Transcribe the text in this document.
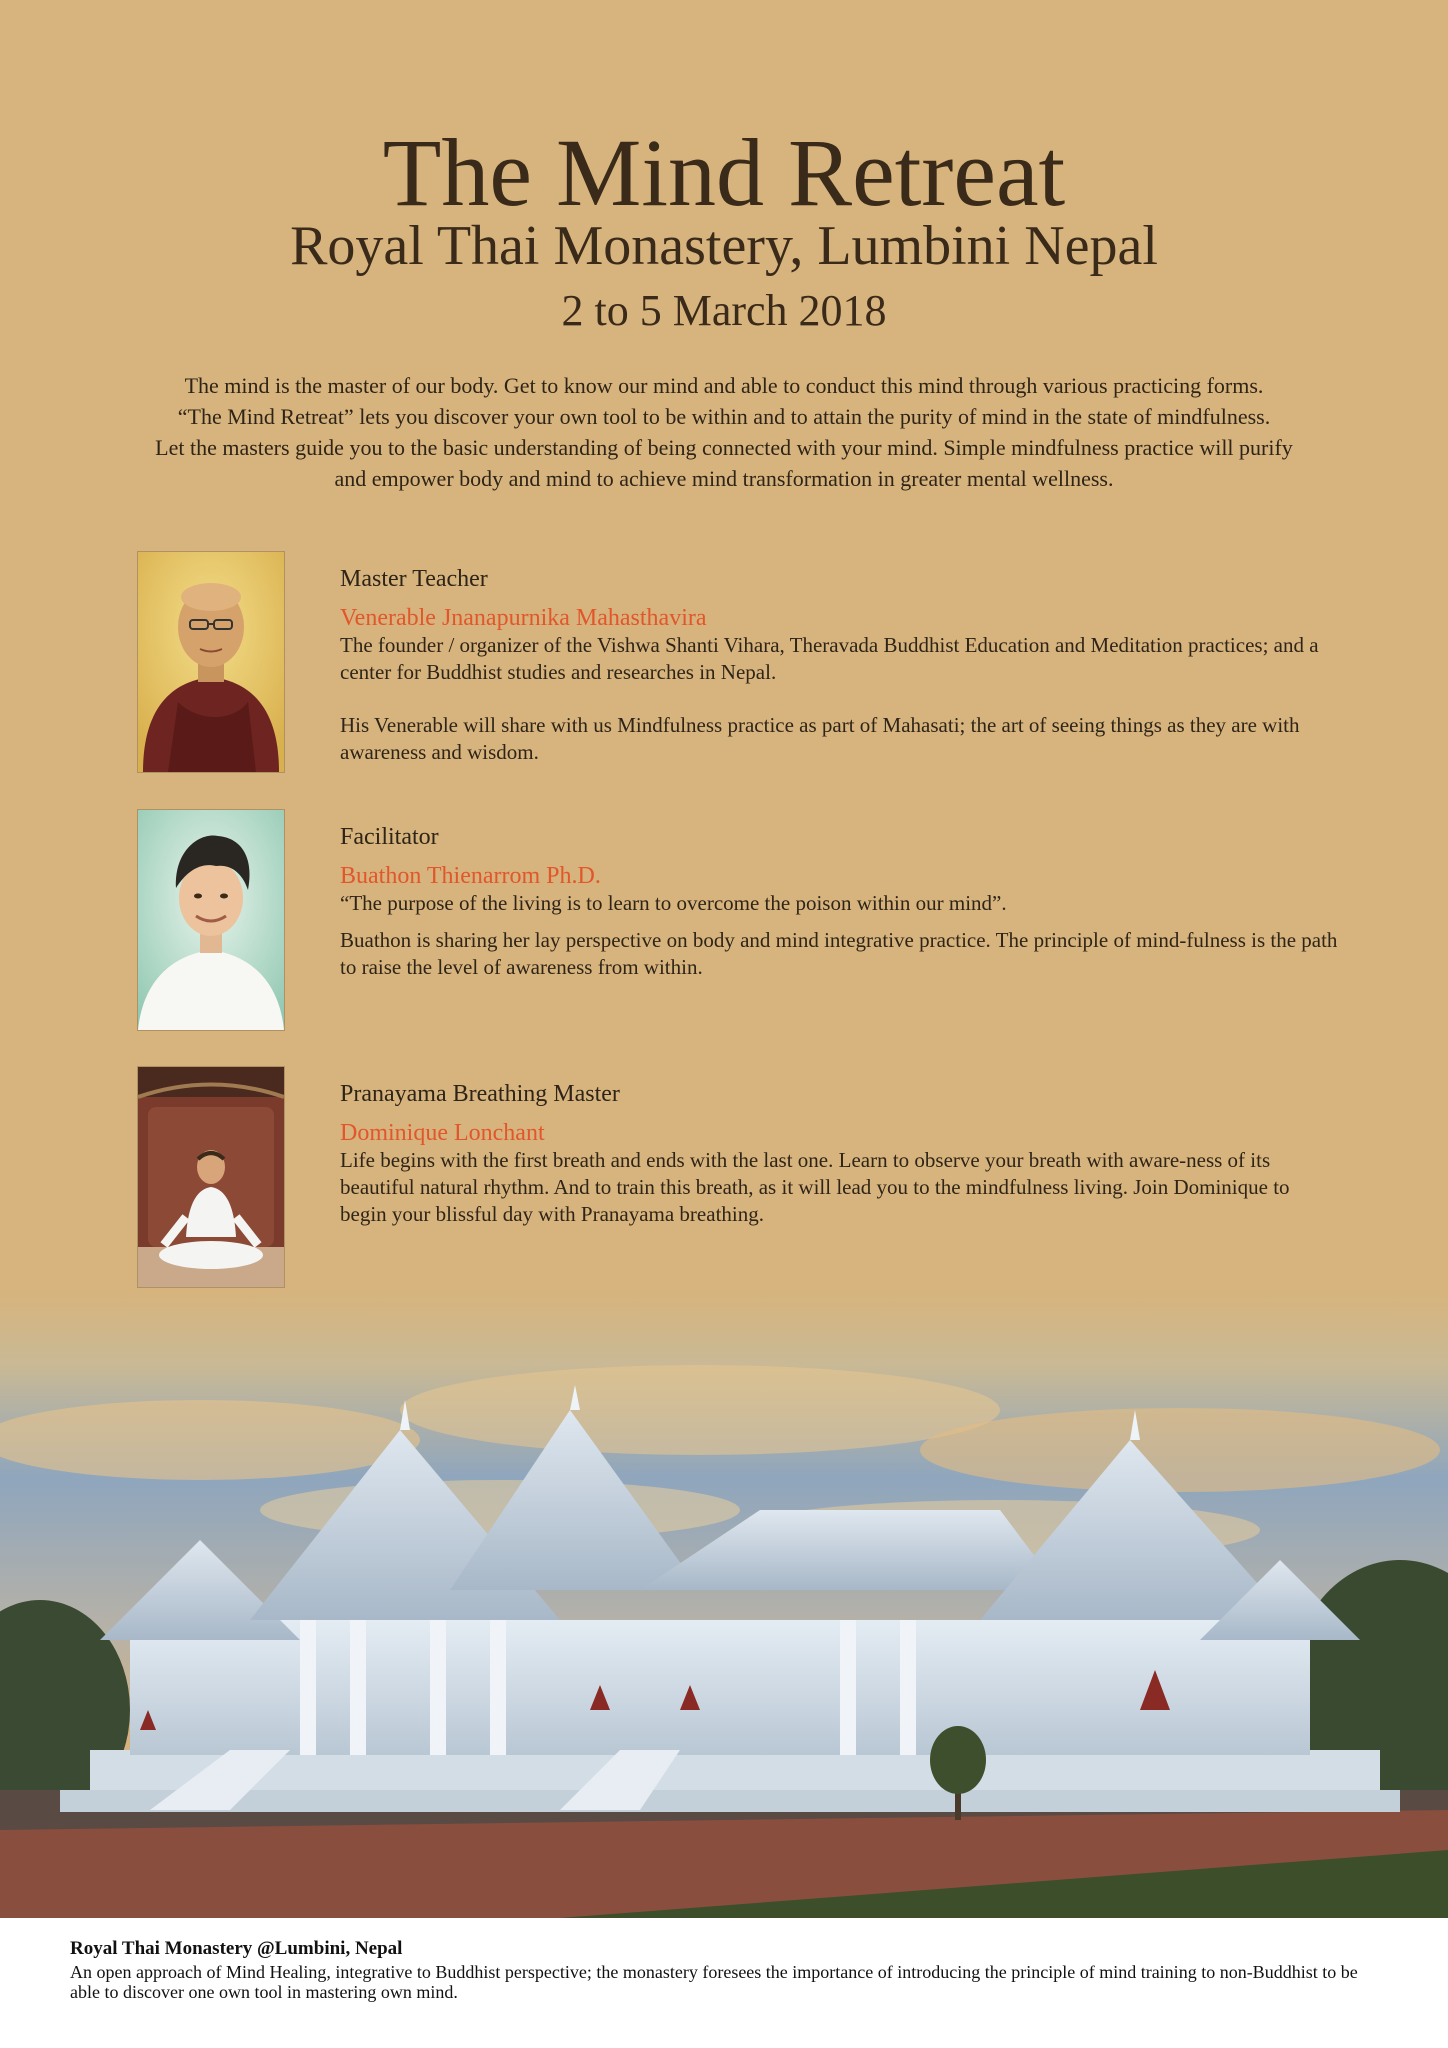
The Mind Retreat
Royal Thai Monastery, Lumbini Nepal
2 to 5 March 2018

The mind is the master of our body. Get to know our mind and able to conduct this mind through various practicing forms.

“The Mind Retreat” lets you discover your own tool to be within and to attain the purity of mind in the state of mindfulness.

Let the masters guide you to the basic understanding of being connected with your mind. Simple mindfulness practice will purify

and empower body and mind to achieve mind transformation in greater mental wellness.

Master Teacher
Venerable Jnanapurnika Mahasthavira

The founder / organizer of the Vishwa Shanti Vihara, Theravada Buddhist Education and Meditation practices; and a center for Buddhist studies and researches in Nepal.

His Venerable will share with us Mindfulness practice as part of Mahasati; the art of seeing things as they are with awareness and wisdom.

Facilitator
Buathon Thienarrom Ph.D.

“The purpose of the living is to learn to overcome the poison within our mind”.

Buathon is sharing her lay perspective on body and mind integrative practice. The principle of mind-fulness is the path to raise the level of awareness from within.

Pranayama Breathing Master
Dominique Lonchant

Life begins with the first breath and ends with the last one. Learn to observe your breath with aware-ness of its beautiful natural rhythm. And to train this breath, as it will lead you to the mindfulness living. Join Dominique to begin your blissful day with Pranayama breathing.

Royal Thai Monastery @Lumbini, Nepal

An open approach of Mind Healing, integrative to Buddhist perspective; the monastery foresees the importance of introducing the principle of mind training to non-Buddhist to be able to discover one own tool in mastering own mind.
